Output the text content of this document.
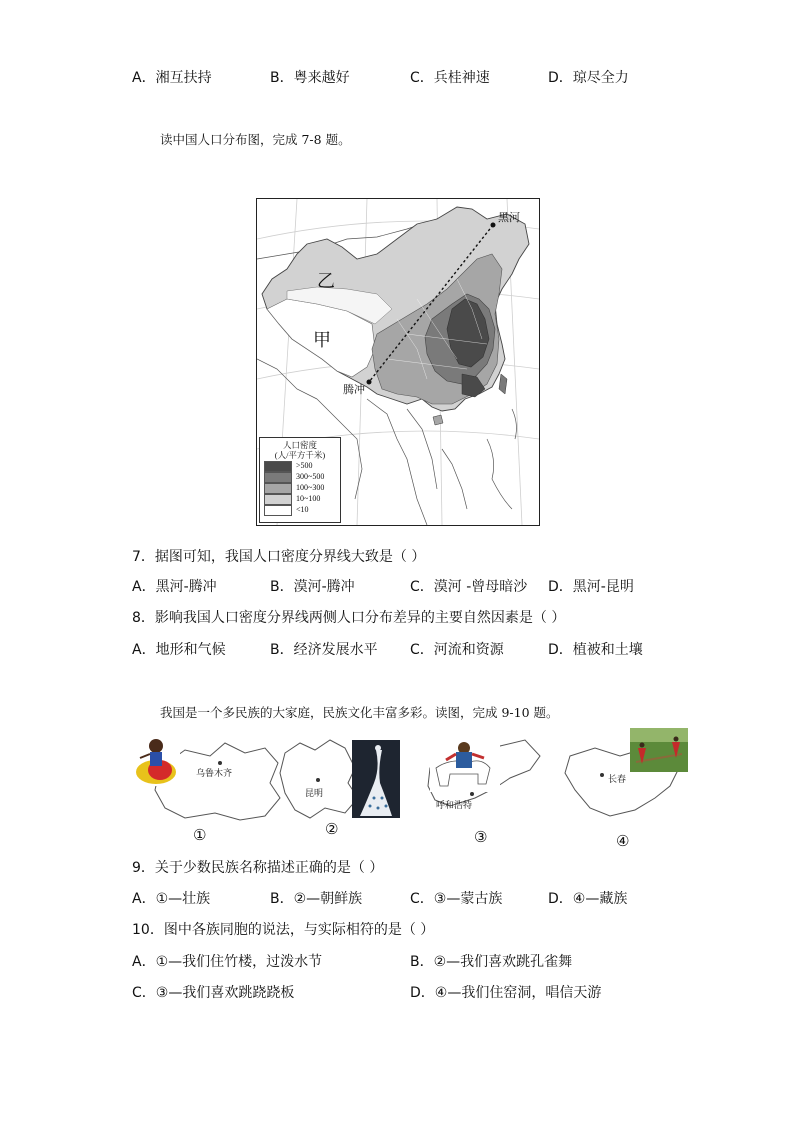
A．湘互扶持	B．粤来越好	C．兵桂神速	D．琼尽全力
读中国人口分布图，完成 7-8 题。
黑河
腾冲
乙
甲
人口密度
(人/平方千米)
>500
300~500
100~300
10~100
<10
7．据图可知，我国人口密度分界线大致是（ ）
A．黑河-腾冲	B．漠河-腾冲	C．漠河 -曾母暗沙 D．黑河-昆明
8．影响我国人口密度分界线两侧人口分布差异的主要自然因素是（ ）
A．地形和气候	B．经济发展水平 C．河流和资源	D．植被和土壤
我国是一个多民族的大家庭，民族文化丰富多彩。读图，完成 9-10 题。
乌鲁木齐
昆明
呼和浩特
长春
①	②	③	④
9．关于少数民族名称描述正确的是（ ）
A．①—壮族	B．②—朝鲜族	C．③—蒙古族	D．④—藏族
10．图中各族同胞的说法，与实际相符的是（ ）
A．①—我们住竹楼，过泼水节	B．②—我们喜欢跳孔雀舞
C．③—我们喜欢跳跷跷板	D．④—我们住窑洞，唱信天游
